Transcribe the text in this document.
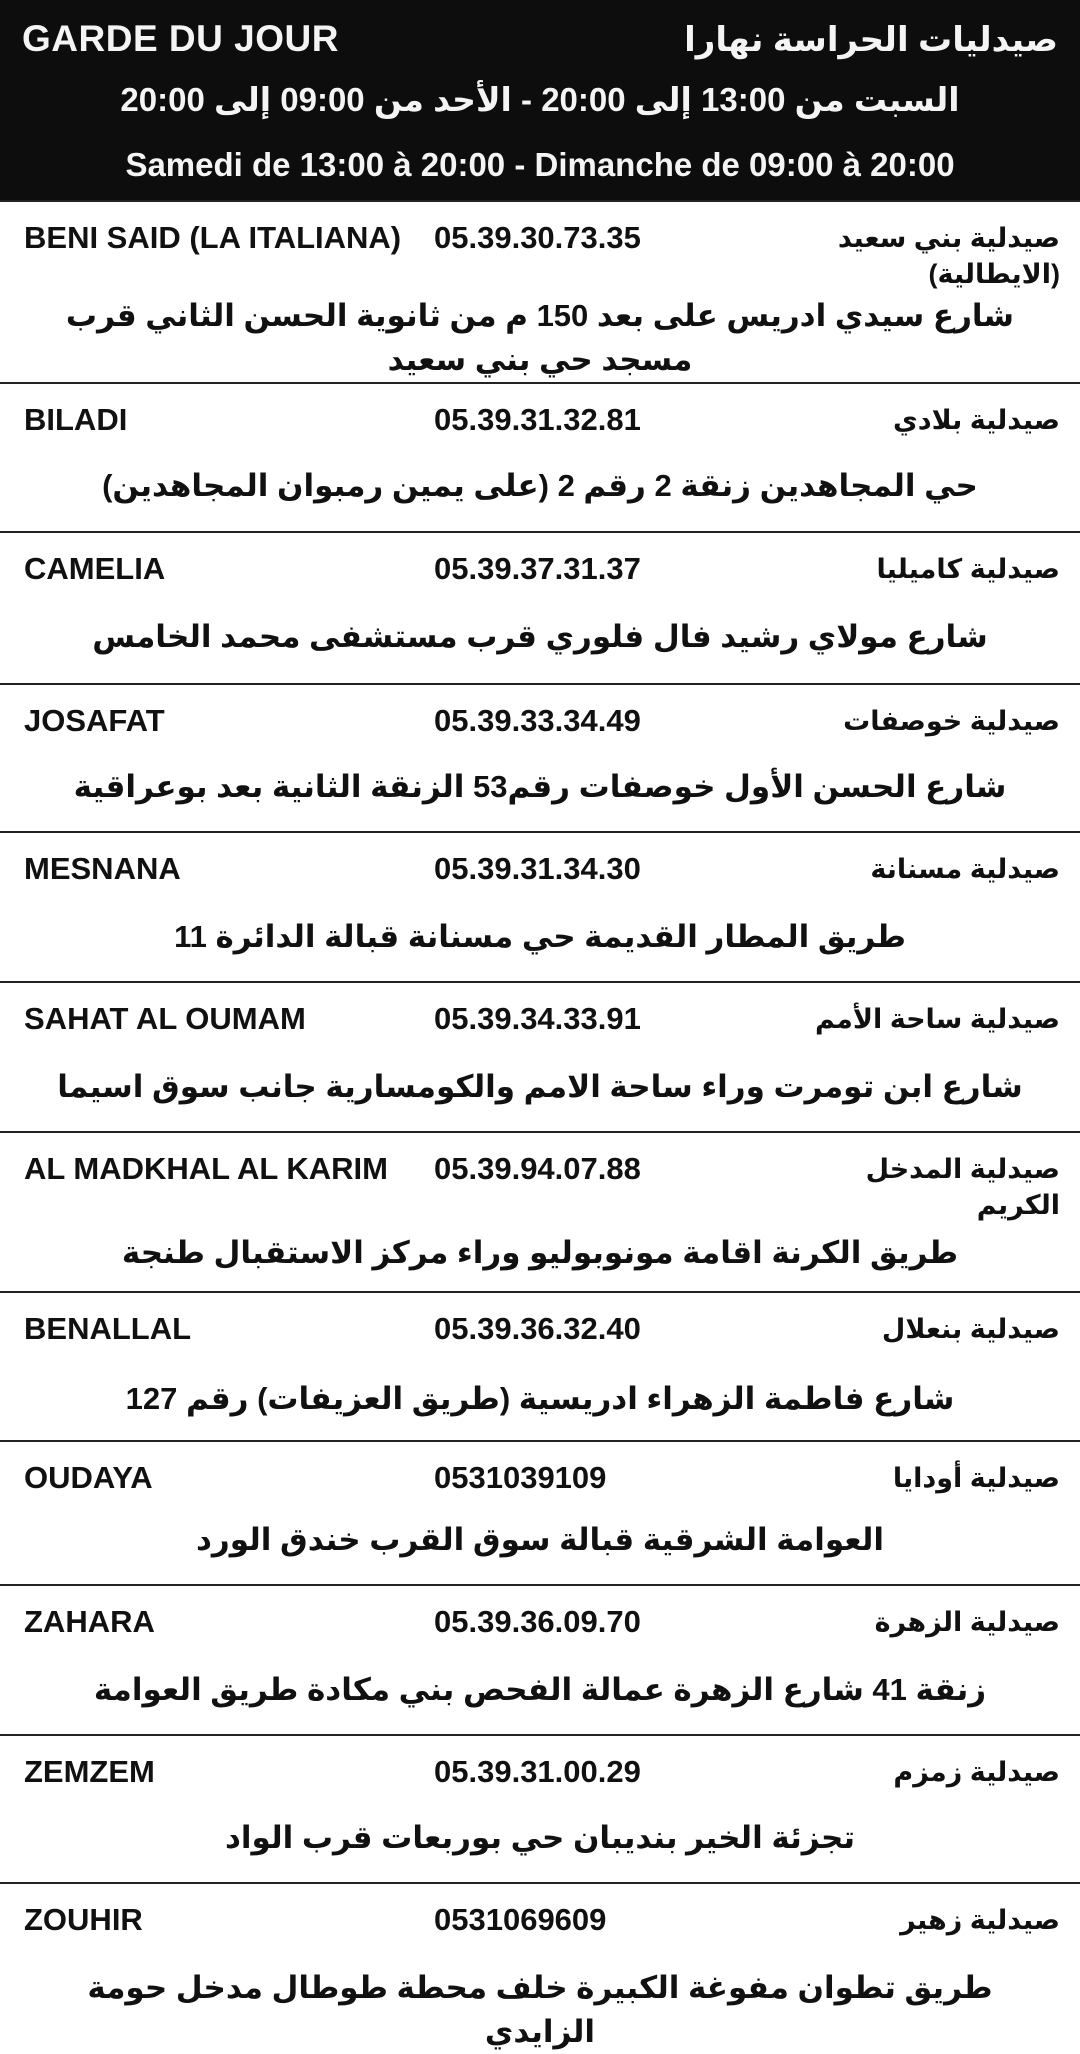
GARDE DU JOUR	صيدليات الحراسة نهارا
السبت من 13:00 إلى 20:00 - الأحد من 09:00 إلى 20:00
Samedi de 13:00 à 20:00 - Dimanche de 09:00 à 20:00
BENI SAID (LA ITALIANA) 05.39.30.73.35	صيدلية بني سعيد (الايطالية)
شارع سيدي ادريس على بعد 150 م من ثانوية الحسن الثاني قرب مسجد حي بني سعيد
BILADI	05.39.31.32.81	صيدلية بلادي
حي المجاهدين زنقة 2 رقم 2 (على يمين رمبوان المجاهدين)
CAMELIA	05.39.37.31.37	صيدلية كاميليا
شارع مولاي رشيد فال فلوري قرب مستشفى محمد الخامس
JOSAFAT	05.39.33.34.49	صيدلية خوصفات
شارع الحسن الأول خوصفات رقم53 الزنقة الثانية بعد بوعراقية
MESNANA	05.39.31.34.30	صيدلية مسنانة
طريق المطار القديمة حي مسنانة قبالة الدائرة 11
SAHAT AL OUMAM	05.39.34.33.91	صيدلية ساحة الأمم
شارع ابن تومرت وراء ساحة الامم والكومسارية جانب سوق اسيما
AL MADKHAL AL KARIM	05.39.94.07.88	صيدلية المدخل الكريم
طريق الكرنة اقامة مونوبوليو وراء مركز الاستقبال طنجة
BENALLAL	05.39.36.32.40	صيدلية بنعلال
شارع فاطمة الزهراء ادريسية (طريق العزيفات) رقم 127
OUDAYA	0531039109	صيدلية أودايا
العوامة الشرقية قبالة سوق القرب خندق الورد
ZAHARA	05.39.36.09.70	صيدلية الزهرة
زنقة 41 شارع الزهرة عمالة الفحص بني مكادة طريق العوامة
ZEMZEM	05.39.31.00.29	صيدلية زمزم
تجزئة الخير بنديبان حي بوربعات قرب الواد
ZOUHIR	0531069609	صيدلية زهير
طريق تطوان مفوغة الكبيرة خلف محطة طوطال مدخل حومة الزايدي
